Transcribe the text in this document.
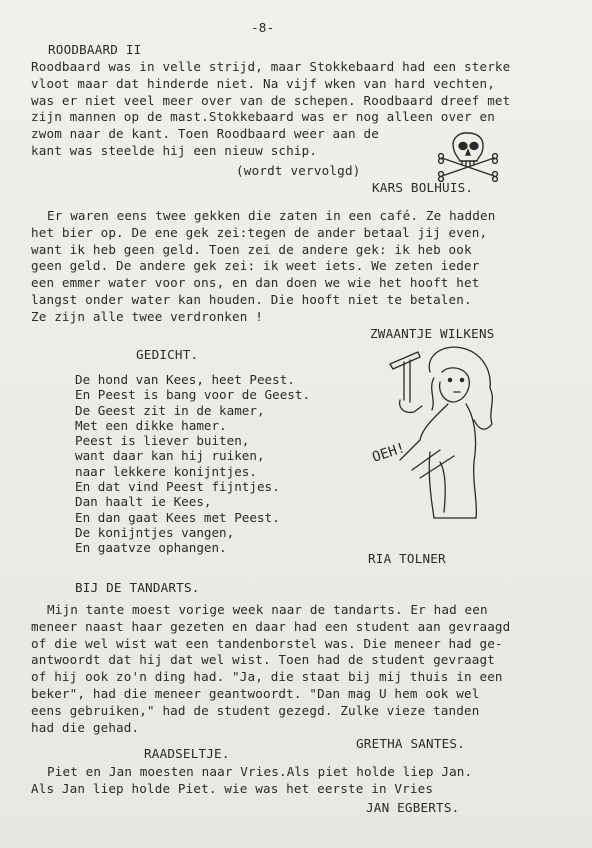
-8-
ROODBAARD II
Roodbaard was in velle strijd, maar Stokkebaard had een sterke
vloot maar dat hinderde niet. Na vijf wken van hard vechten,
was er niet veel meer over van de schepen. Roodbaard dreef met
zijn mannen op de mast.Stokkebaard was er nog alleen over en
zwom naar de kant. Toen Roodbaard weer aan de
kant was steelde hij een nieuw schip.
(wordt vervolgd)
KARS BOLHUIS.
Er waren eens twee gekken die zaten in een café. Ze hadden
het bier op. De ene gek zei:tegen de ander betaal jij even,
want ik heb geen geld. Toen zei de andere gek: ik heb ook
geen geld. De andere gek zei: ik weet iets. We zeten ieder
een emmer water voor ons, en dan doen we wie het hooft het
langst onder water kan houden. Die hooft niet te betalen.
Ze zijn alle twee verdronken !
ZWAANTJE WILKENS
GEDICHT.
De hond van Kees, heet Peest.
En Peest is bang voor de Geest.
De Geest zit in de kamer,
Met een dikke hamer.
Peest is liever buiten,
want daar kan hij ruiken,
naar lekkere konijntjes.
En dat vind Peest fijntjes.
Dan haalt ie Kees,
En dan gaat Kees met Peest.
De konijntjes vangen,
En gaatvze ophangen.
RIA TOLNER
OEH!
BIJ DE TANDARTS.
Mijn tante moest vorige week naar de tandarts. Er had een
meneer naast haar gezeten en daar had een student aan gevraagd
of die wel wist wat een tandenborstel was. Die meneer had ge-
antwoordt dat hij dat wel wist. Toen had de student gevraagt
of hij ook zo'n ding had. "Ja, die staat bij mij thuis in een
beker", had die meneer geantwoordt. "Dan mag U hem ook wel
eens gebruiken," had de student gezegd. Zulke vieze tanden
had die gehad.
GRETHA SANTES.
RAADSELTJE.
Piet en Jan moesten naar Vries.Als piet holde liep Jan.
Als Jan liep holde Piet. wie was het eerste in Vries
JAN EGBERTS.
